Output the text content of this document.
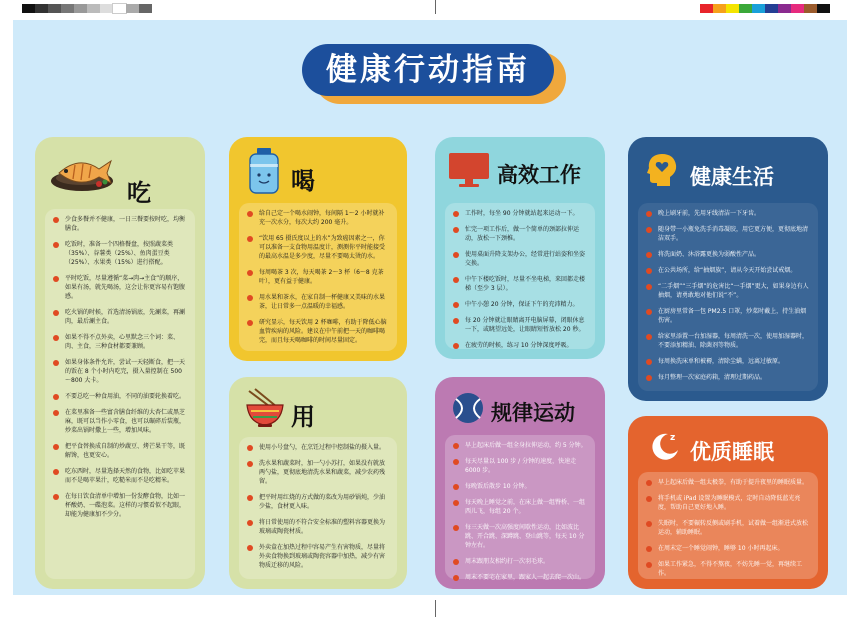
健康行动指南
吃
少食多餐并不健康，一日三餐要按时吃，均衡膳食。
吃饭时，准备一个四格餐盘，按照蔬菜类（35%）、谷薯类（25%）、鱼肉蛋豆类（25%）、水果类（15%）进行搭配。
平时吃饭，尽量遵循“菜→肉→主食”的顺序，如果有汤，就先喝汤，这会让你更容易有饱腹感。
吃火锅的时候，首选清汤锅底，先涮菜，再涮肉，最后涮主食。
如果不得不点外卖，心里默念三个词：菜、肉、主食，三种食材都要兼顾。
如果身体条件允许，尝试一天轻断食，把一天的饭在 8 个小时内吃完，摄入量控制在 500～800 大卡。
不要总吃一种食用油，不同的油要轮换着吃。
在菜里准备一些富含膳食纤维的大杏仁或黑芝麻，既可以当作小零食，也可以碾碎后装瓶，炒菜出锅时撒上一些，增加风味。
把平食替换成自制的炒蔬豆、烤芒果干等，既解馋，也更安心。
吃东西时，尽量选择天然的食物，比如吃苹果而不是喝苹果汁，吃糙米而不是吃精米。
在每日饮食清单中增加一份发酵食物，比如一杯酸奶、一碟泡菜。这样的习惯看似不起眼，却能为健康加不少分。
喝
给自己定一个喝水闹钟，每间隔 1～2 小时就补充一次水分，每次大约 200 毫升。
“饮用 65 摄氏度以上的水”为致癌因素之一，你可以准备一支食物用温度计，测测你平时能接受的最高水温是多少度，尽量不要喝太烫的水。
每周喝茶 3 次，每天喝茶 2～3 杯（6～8 克茶叶），更有益于健康。
用水果和茶水，在家自制一杯健康又美味的水果茶，让日常多一点温暖的幸福感。
研究显示，每天饮用 2 杯咖啡，有助于降低心脑血管疾病的风险。建议在中午前把一天的咖啡喝完，而且每天喝咖啡的时间尽量固定。
用
使用小号盘勺，在烹饪过程中控制盐的摄入量。
洗水果和蔬菜时，加一勺小苏打，如果没有就放两勺盐，更彻底地清洗水果和蔬菜，减少农药残留。
把平时用红烧的方式做的菜改为用砂锅炖，少油少盐，食材更入味。
将日常使用的不符合安全标准的塑料容器更换为玻璃或陶瓷材质。
外卖盒在加热过程中容易产生有害物质，尽量将外卖食物换到玻璃或陶瓷容器中加热，减少有害物质迁移的风险。
高效工作
工作时，每坐 90 分钟就站起来运动一下。
忙完一项工作后，做一个简单的颈部拉伸运动，放松一下颈椎。
使用桌面升降支架办公，经常进行站姿和坐姿交换。
中午下楼吃饭时，尽量不坐电梯，来回都走楼梯（至少 3 层）。
中午小憩 20 分钟，保证下午的充沛精力。
每 20 分钟就让眼睛离开电脑屏幕，闭眼休息一下，或眺望远处，让眼睛短暂放松 20 秒。
在疲劳的时候，练习 10 分钟深度呼吸。
规律运动
早上起床后做一组全身拉伸运动，约 5 分钟。
每天尽量以 100 步 / 分钟的速度，快速走 6000 步。
每晚饭后散步 10 分钟。
每天晚上睡觉之前，在床上做一组臀桥、一组西儿飞，每组 20 个。
每三天做一次高强度间歇性运动，比如波比跳、开合跳、深蹲跳、登山跳等，每天 10 分钟左右。
周末跟朋友相约打一次羽毛球。
周末不要宅在家里，跟家人一起去爬一次山。
健康生活
晚上刷牙前，先用牙线清洁一下牙齿。
随身带一小瓶免洗手消毒凝胶，用它更方便，更彻底地清洁双手。
将洗面奶、沐浴露更换为弱酸性产品。
在公共场所，给“抽烟族”，请从今天开始尝试戒烟。
“二手烟”“三手烟”的危害比“一手烟”更大，如果身边有人抽烟，请勇敢地对他们说“不”。
在厨房里常备一包 PM2.5 口罩，炒菜时戴上，持生油烟伤害。
给家里添置一台加湿器，每周清洗一次，使用加湿器时，不要添加精油、除菌剂等物质。
每周换洗床单和被褥，清除尘螨，远离过敏原。
每月整理一次家庭药箱，清理过期药品。
z
优质睡眠
早上起床后做一组太极拳，有助于提升夜里的睡眠质量。
将手机或 iPad 设置为睡眠模式，定时自动降低蓝光亮度，帮助自己更好地入睡。
失眠时，不要辗转反侧或刷手机，试着做一组渐进式放松运动，辅助睡眠。
在周末定一个睡觉闹钟，睡够 10 小时再起床。
如果工作紧急，不得不熬夜，不妨先睡一觉，再继续工作。
